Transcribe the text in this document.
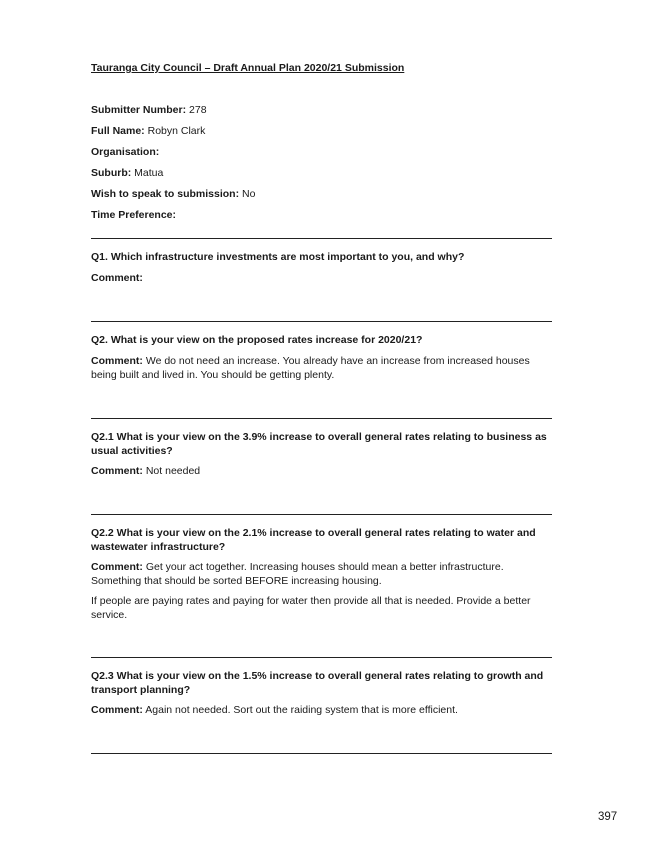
Tauranga City Council – Draft Annual Plan 2020/21 Submission
Submitter Number: 278
Full Name: Robyn Clark
Organisation:
Suburb: Matua
Wish to speak to submission: No
Time Preference:
Q1. Which infrastructure investments are most important to you, and why?
Comment:
Q2. What is your view on the proposed rates increase for 2020/21?
Comment: We do not need an increase. You already have an increase from increased houses being built and lived in. You should be getting plenty.
Q2.1 What is your view on the 3.9% increase to overall general rates relating to business as usual activities?
Comment: Not needed
Q2.2 What is your view on the 2.1% increase to overall general rates relating to water and wastewater infrastructure?
Comment: Get your act together. Increasing houses should mean a better infrastructure. Something that should be sorted BEFORE increasing housing.
If people are paying rates and paying for water then provide all that is needed. Provide a better service.
Q2.3 What is your view on the 1.5% increase to overall general rates relating to growth and transport planning?
Comment: Again not needed. Sort out the raiding system that is more efficient.
397
